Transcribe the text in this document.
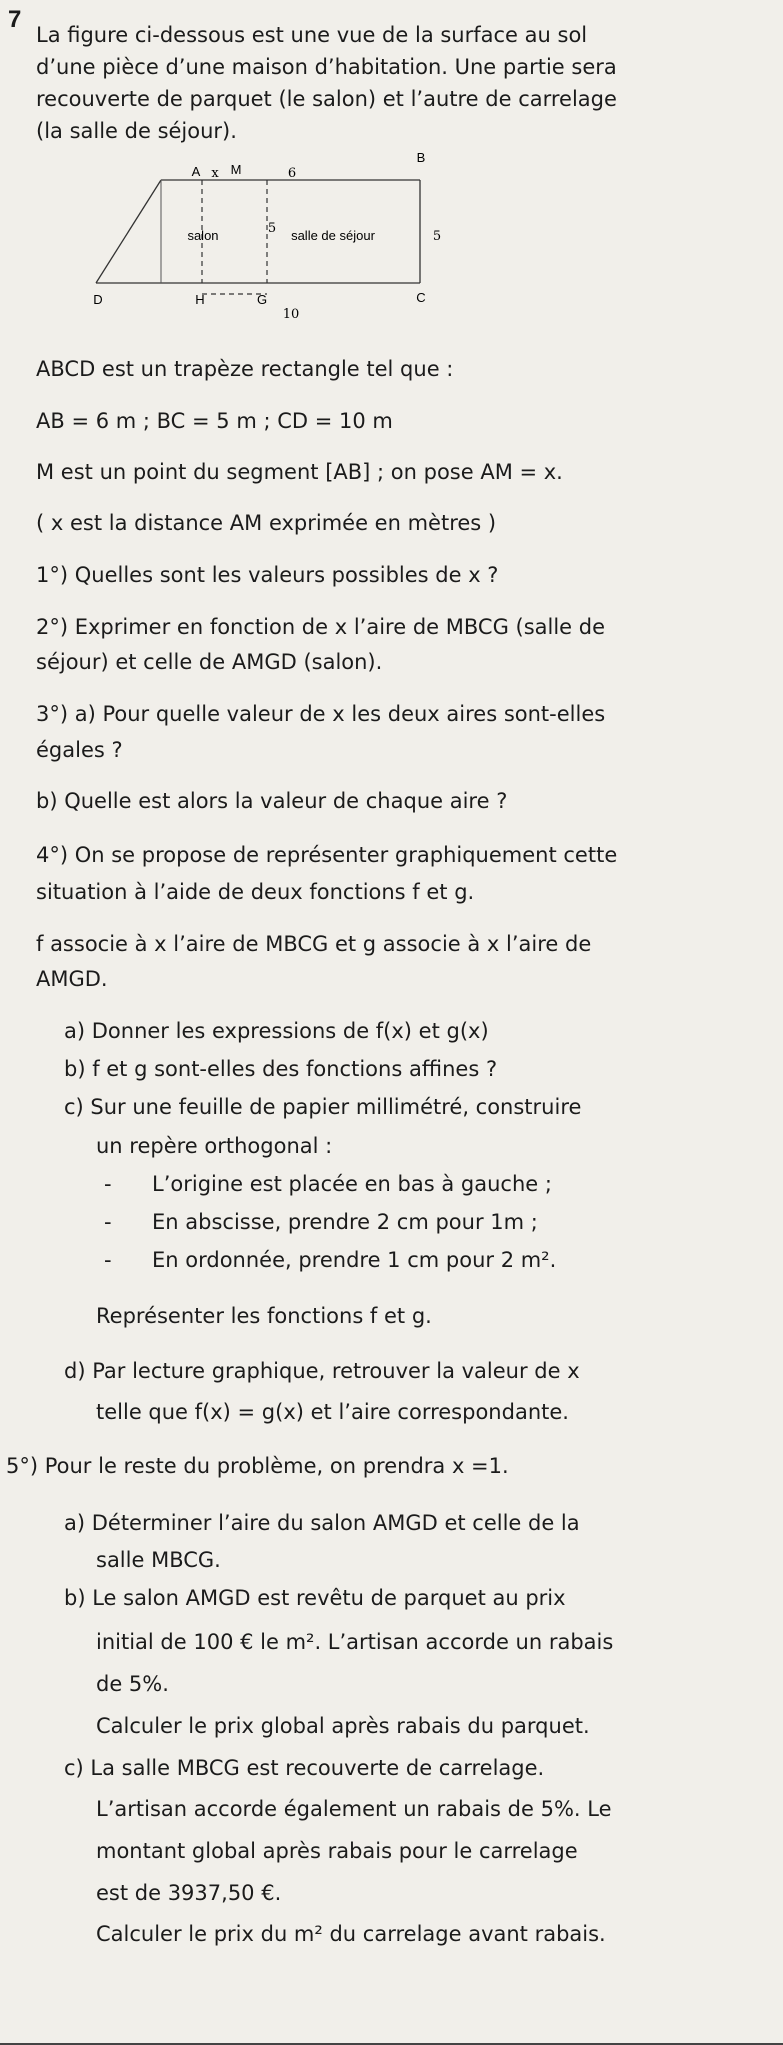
7
La figure ci-dessous est une vue de la surface au sol
d’une pièce d’une maison d’habitation. Une partie sera
recouverte de parquet (le salon) et l’autre de carrelage
(la salle de séjour).
A M
B
C
D	H	G
x	6
5
5
10
salon	salle de séjour
ABCD est un trapèze rectangle tel que :
AB = 6 m ; BC = 5 m ; CD = 10 m
M est un point du segment [AB] ; on pose AM = x.
( x est la distance AM exprimée en mètres )
1°) Quelles sont les valeurs possibles de x ?
2°) Exprimer en fonction de x l’aire de MBCG (salle de
séjour) et celle de AMGD (salon).
3°) a) Pour quelle valeur de x les deux aires sont-elles
égales ?
b) Quelle est alors la valeur de chaque aire ?
4°) On se propose de représenter graphiquement cette
situation à l’aide de deux fonctions f et g.
f associe à x l’aire de MBCG et g associe à x l’aire de
AMGD.
a) Donner les expressions de f(x) et g(x)
b) f et g sont-elles des fonctions affines ?
c) Sur une feuille de papier millimétré, construire
un repère orthogonal :
- L’origine est placée en bas à gauche ;
- En abscisse, prendre 2 cm pour 1m ;
- En ordonnée, prendre 1 cm pour 2 m².
Représenter les fonctions f et g.
d) Par lecture graphique, retrouver la valeur de x
telle que f(x) = g(x) et l’aire correspondante.
5°) Pour le reste du problème, on prendra x =1.
a) Déterminer l’aire du salon AMGD et celle de la
salle MBCG.
b) Le salon AMGD est revêtu de parquet au prix
initial de 100 € le m². L’artisan accorde un rabais
de 5%.
Calculer le prix global après rabais du parquet.
c) La salle MBCG est recouverte de carrelage.
L’artisan accorde également un rabais de 5%. Le
montant global après rabais pour le carrelage
est de 3937,50 €.
Calculer le prix du m² du carrelage avant rabais.
